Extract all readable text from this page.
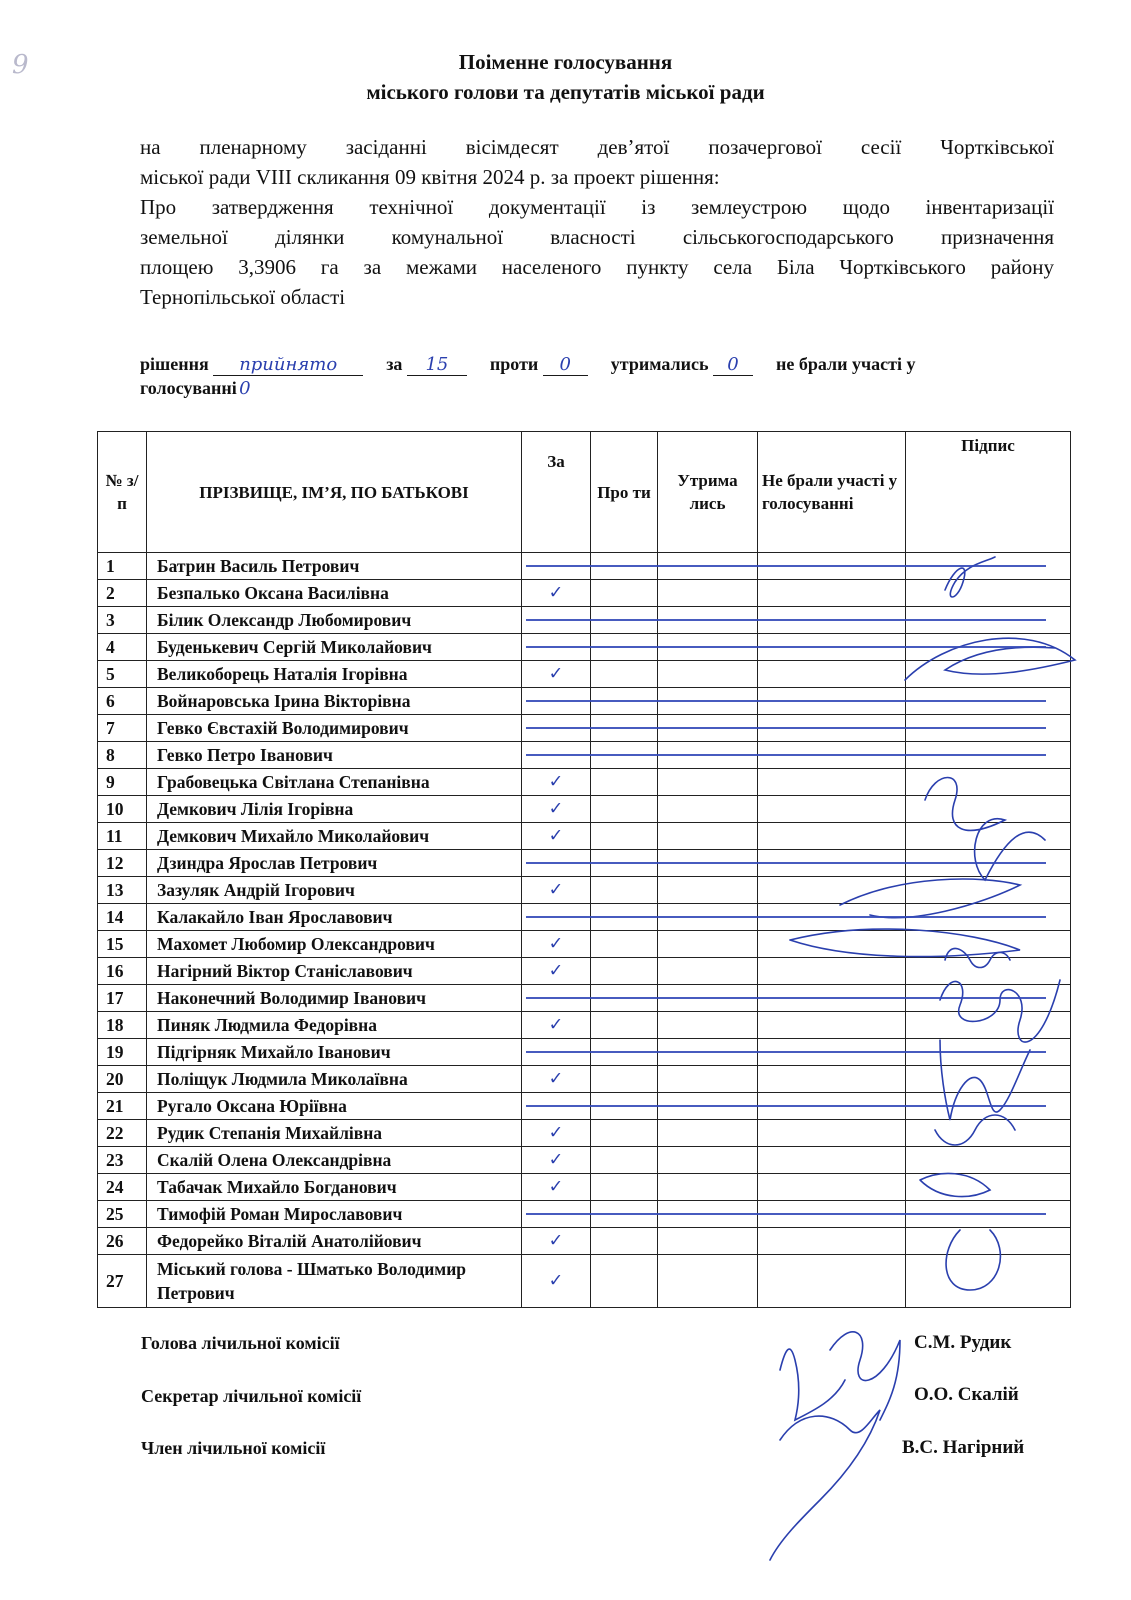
9	Поіменне голосування
міського голови та депутатів міської ради
на пленарному засіданні вісімдесят дев’ятої позачергової сесії Чортківської
міської ради VIII скликання 09 квітня 2024 р. за проект рішення:
Про затвердження технічної документації із землеустрою щодо інвентаризації
земельної ділянки комунальної власності сільськогосподарського призначення
площею 3,3906 га за межами населеного пункту села Біла Чортківського району
Тернопільської області
рішення прийнято	за 15 проти 0 утримались 0 не брали участі у
голосуванні 0
№ з/п	ПРІЗВИЩЕ, ІМ’Я, ПО БАТЬКОВІ	За	Про ти	Утрима лись	Не брали участі у голосуванні	Підпис
1	Батрин Василь Петрович					
2	Безпалько Оксана Василівна	✓				
3	Білик Олександр Любомирович					
4	Буденькевич Сергій Миколайович					
5	Великоборець Наталія Ігорівна	✓				
6	Войнаровська Ірина Вікторівна					
7	Гевко Євстахій Володимирович					
8	Гевко Петро Іванович					
9	Грабовецька Світлана Степанівна	✓				
10	Демкович Лілія Ігорівна	✓				
11	Демкович Михайло Миколайович	✓				
12	Дзиндра Ярослав Петрович					
13	Зазуляк Андрій Ігорович	✓				
14	Калакайло Іван Ярославович					
15	Махомет Любомир Олександрович	✓				
16	Нагірний Віктор Станіславович	✓				
17	Наконечний Володимир Іванович					
18	Пиняк Людмила Федорівна	✓				
19	Підгірняк Михайло Іванович					
20	Поліщук Людмила Миколаївна	✓				
21	Ругало Оксана Юріївна					
22	Рудик Степанія Михайлівна	✓				
23	Скалій Олена Олександрівна	✓				
24	Табачак Михайло Богданович	✓				
25	Тимофій Роман Мирославович					
26	Федорейко Віталій Анатолійович	✓				
27	Міський голова - Шматько Володимир Петрович	✓				
Голова лічильної комісії	С.М. Рудик
Секретар лічильної комісії	О.О. Скалій
Член лічильної комісії	В.С. Нагірний
